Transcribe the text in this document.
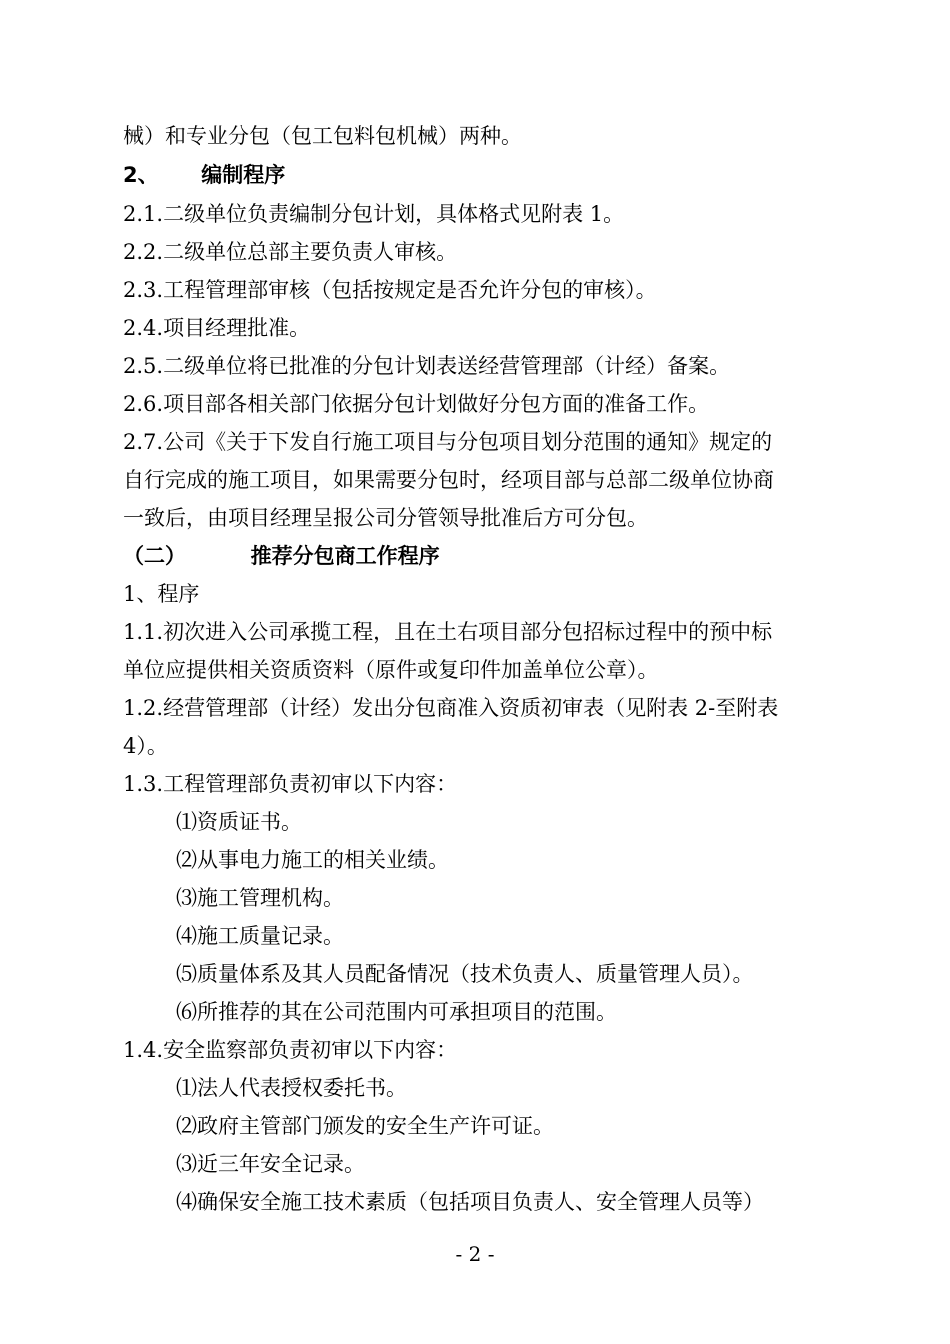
械）和专业分包（包工包料包机械）两种。
2、 编制程序
2.1.二级单位负责编制分包计划，具体格式见附表 1。
2.2.二级单位总部主要负责人审核。
2.3.工程管理部审核（包括按规定是否允许分包的审核）。
2.4.项目经理批准。
2.5.二级单位将已批准的分包计划表送经营管理部（计经）备案。
2.6.项目部各相关部门依据分包计划做好分包方面的准备工作。
2.7.公司《关于下发自行施工项目与分包项目划分范围的通知》规定的
自行完成的施工项目，如果需要分包时，经项目部与总部二级单位协商
一致后，由项目经理呈报公司分管领导批准后方可分包。
（二）	推荐分包商工作程序
1、程序
1.1.初次进入公司承揽工程，且在土右项目部分包招标过程中的预中标
单位应提供相关资质资料（原件或复印件加盖单位公章）。
1.2.经营管理部（计经）发出分包商准入资质初审表（见附表 2-至附表
4）。
1.3.工程管理部负责初审以下内容：
⑴资质证书。
⑵从事电力施工的相关业绩。
⑶施工管理机构。
⑷施工质量记录。
⑸质量体系及其人员配备情况（技术负责人、质量管理人员）。
⑹所推荐的其在公司范围内可承担项目的范围。
1.4.安全监察部负责初审以下内容：
⑴法人代表授权委托书。
⑵政府主管部门颁发的安全生产许可证。
⑶近三年安全记录。
⑷确保安全施工技术素质（包括项目负责人、安全管理人员等）
- 2 -
